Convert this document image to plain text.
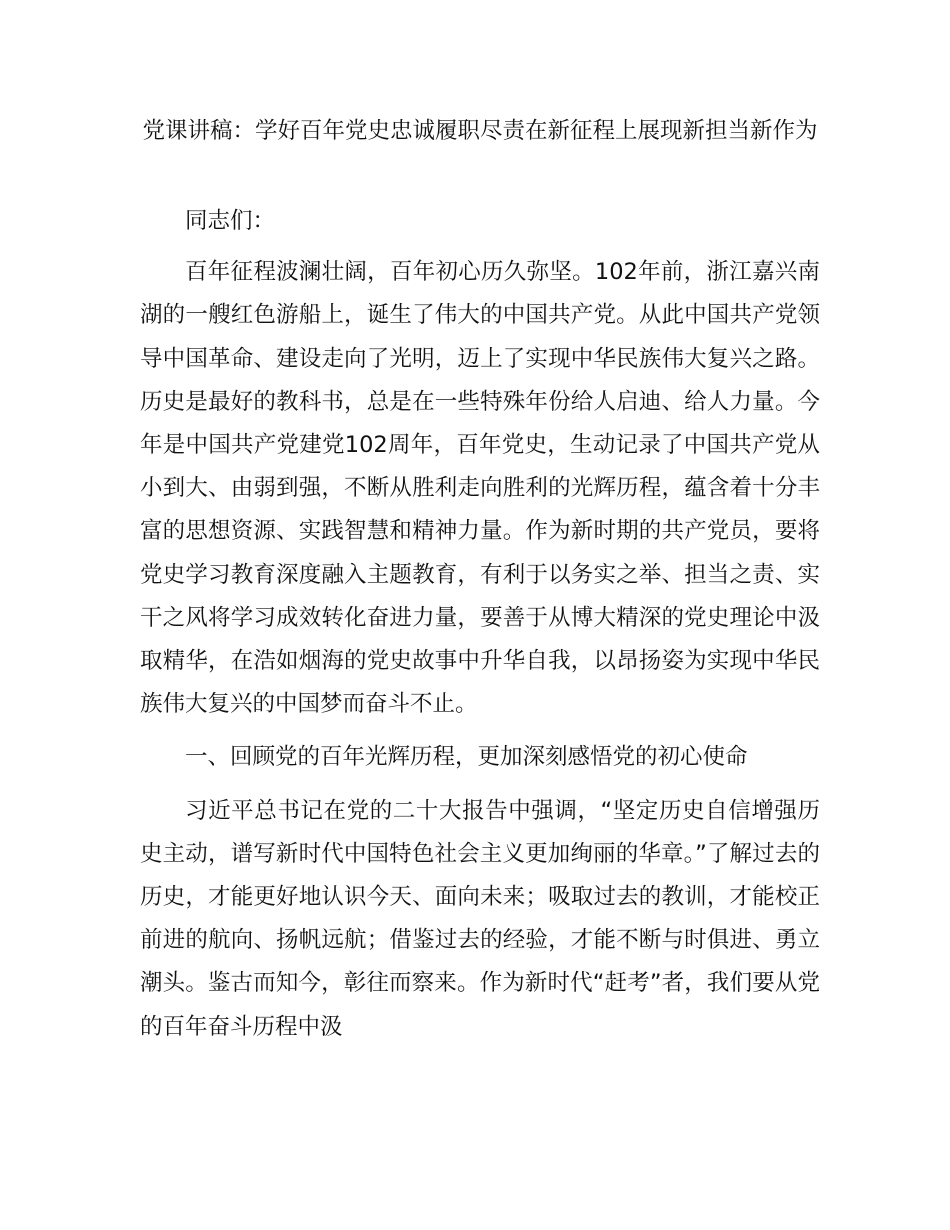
党课讲稿：学好百年党史忠诚履职尽责在新征程上展现新担当新作为

同志们：

百年征程波澜壮阔，百年初心历久弥坚。102年前，浙江嘉兴南湖的一艘红色游船上，诞生了伟大的中国共产党。从此中国共产党领导中国革命、建设走向了光明，迈上了实现中华民族伟大复兴之路。历史是最好的教科书，总是在一些特殊年份给人启迪、给人力量。今年是中国共产党建党102周年，百年党史，生动记录了中国共产党从小到大、由弱到强，不断从胜利走向胜利的光辉历程，蕴含着十分丰富的思想资源、实践智慧和精神力量。作为新时期的共产党员，要将党史学习教育深度融入主题教育，有利于以务实之举、担当之责、实干之风将学习成效转化奋进力量，要善于从博大精深的党史理论中汲取精华，在浩如烟海的党史故事中升华自我，以昂扬姿为实现中华民族伟大复兴的中国梦而奋斗不止。

一、回顾党的百年光辉历程，更加深刻感悟党的初心使命

习近平总书记在党的二十大报告中强调，“坚定历史自信增强历史主动，谱写新时代中国特色社会主义更加绚丽的华章。”了解过去的历史，才能更好地认识今天、面向未来；吸取过去的教训，才能校正前进的航向、扬帆远航；借鉴过去的经验，才能不断与时俱进、勇立潮头。鉴古而知今，彰往而察来。作为新时代“赶考”者，我们要从党的百年奋斗历程中汲
